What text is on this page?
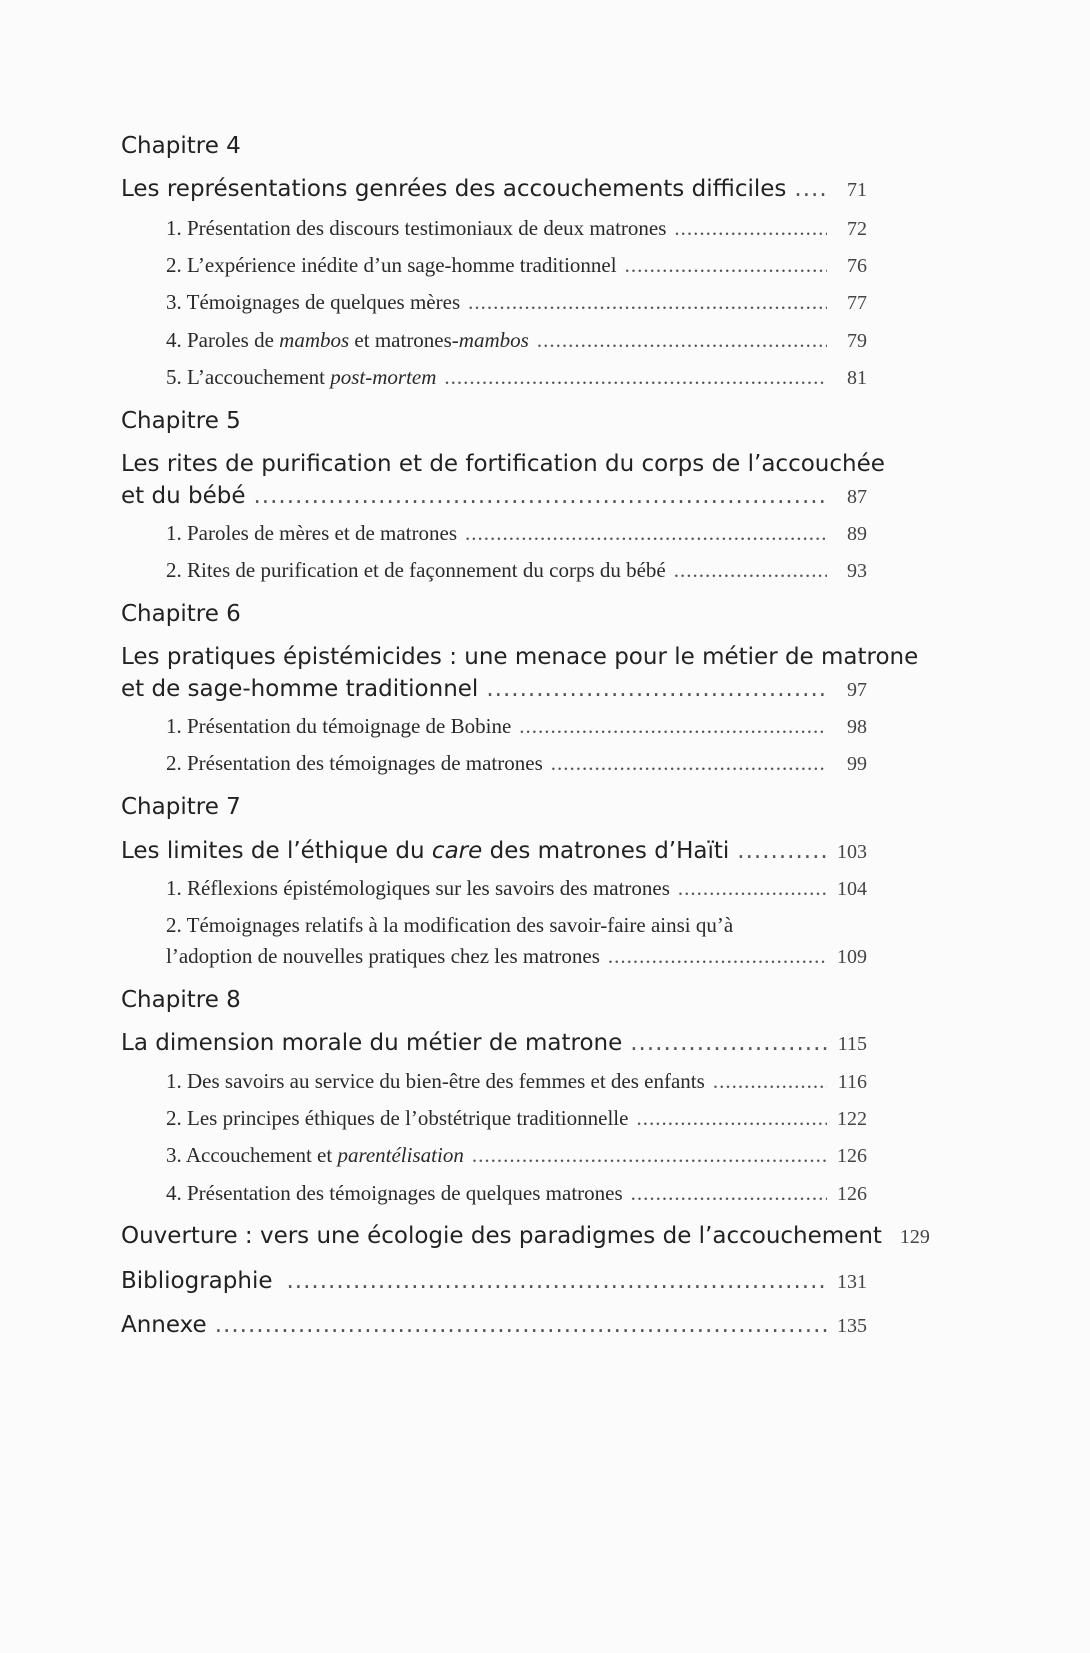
Chapitre 4
Les représentations genrées des accouchements difficiles .....	71
1. Présentation des discours testimoniaux de deux matrones .....	72
2. L’expérience inédite d’un sage-homme traditionnel .....	76
3. Témoignages de quelques mères .....	77
4. Paroles de mambos et matrones-mambos .....	79
5. L’accouchement post-mortem .....	81
Chapitre 5
Les rites de purification et de fortification du corps de l’accouchée
et du bébé .....	87
1. Paroles de mères et de matrones .....	89
2. Rites de purification et de façonnement du corps du bébé .....	93
Chapitre 6
Les pratiques épistémicides : une menace pour le métier de matrone
et de sage-homme traditionnel .....	97
1. Présentation du témoignage de Bobine .....	98
2. Présentation des témoignages de matrones .....	99
Chapitre 7
Les limites de l’éthique du care des matrones d’Haïti .....	103
1. Réflexions épistémologiques sur les savoirs des matrones .....	104
2. Témoignages relatifs à la modification des savoir-faire ainsi qu’à
l’adoption de nouvelles pratiques chez les matrones .....	109
Chapitre 8
La dimension morale du métier de matrone .....	115
1. Des savoirs au service du bien-être des femmes et des enfants .....	116
2. Les principes éthiques de l’obstétrique traditionnelle .....	122
3. Accouchement et parentélisation .....	126
4. Présentation des témoignages de quelques matrones .....	126
Ouverture : vers une écologie des paradigmes de l’accouchement 129
Bibliographie .....	131
Annexe .....	135
